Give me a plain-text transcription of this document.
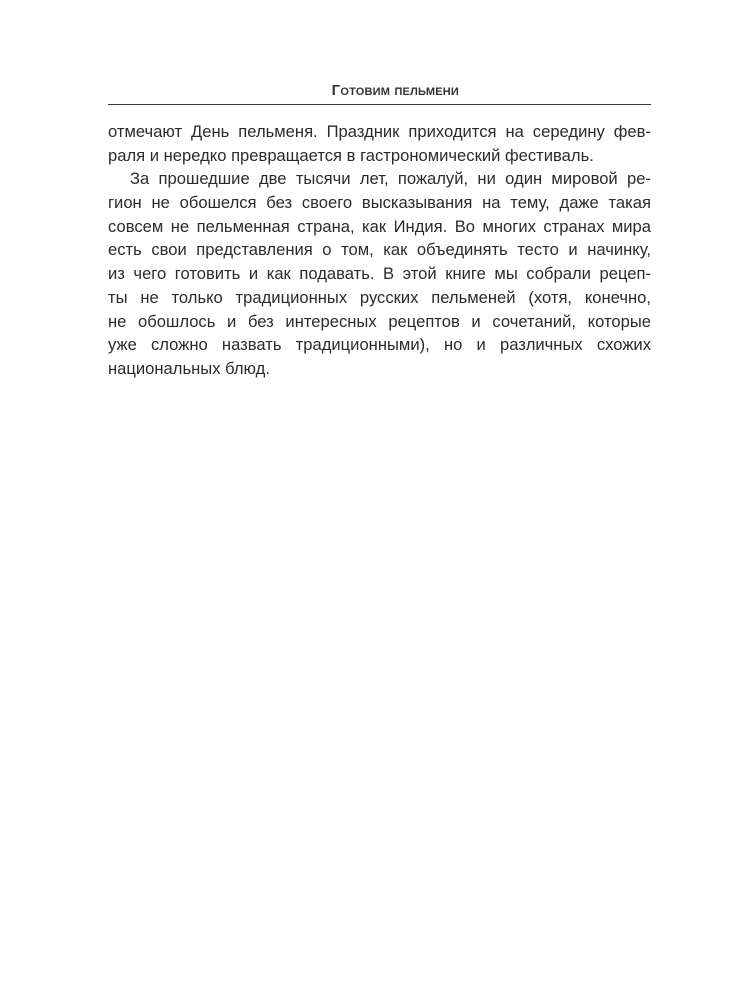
Готовим пельмени
отмечают День пельменя. Праздник приходится на середину фев-
раля и нередко превращается в гастрономический фестиваль.
За прошедшие две тысячи лет, пожалуй, ни один мировой ре-
гион не обошелся без своего высказывания на тему, даже такая
совсем не пельменная страна, как Индия. Во многих странах мира
есть свои представления о том, как объединять тесто и начинку,
из чего готовить и как подавать. В этой книге мы собрали рецеп-
ты не только традиционных русских пельменей (хотя, конечно,
не обошлось и без интересных рецептов и сочетаний, которые
уже сложно назвать традиционными), но и различных схожих
национальных блюд.
